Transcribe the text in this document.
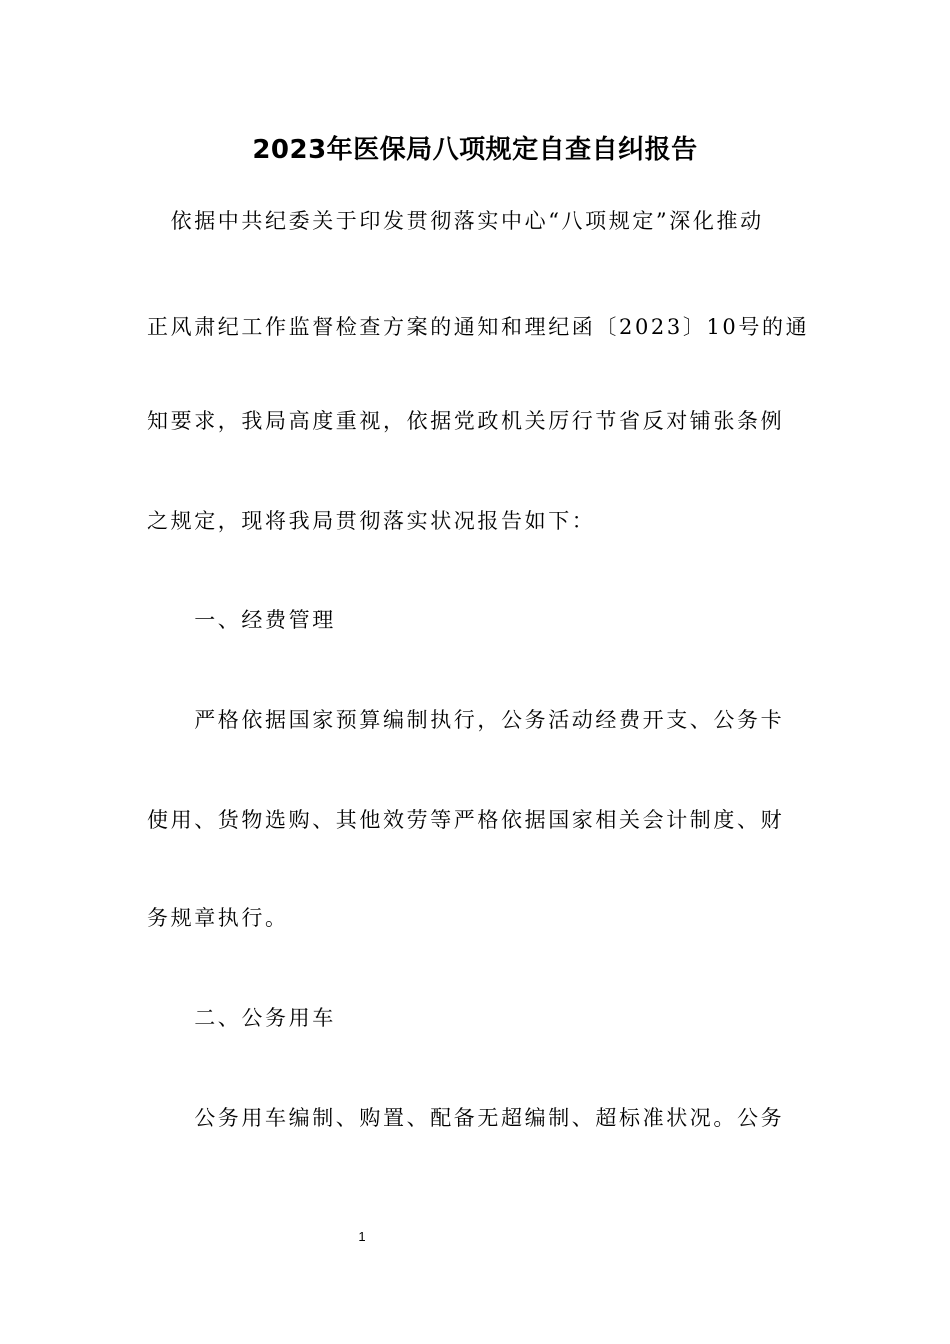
2023年医保局八项规定自查自纠报告
　依据中共纪委关于印发贯彻落实中心“八项规定”深化推动
正风肃纪工作监督检查方案的通知和理纪函〔2023〕10号的通
知要求，我局高度重视，依据党政机关厉行节省反对铺张条例
之规定，现将我局贯彻落实状况报告如下：
　　一、经费管理
　　严格依据国家预算编制执行，公务活动经费开支、公务卡
使用、货物选购、其他效劳等严格依据国家相关会计制度、财
务规章执行。
　　二、公务用车
　　公务用车编制、购置、配备无超编制、超标准状况。公务
1
